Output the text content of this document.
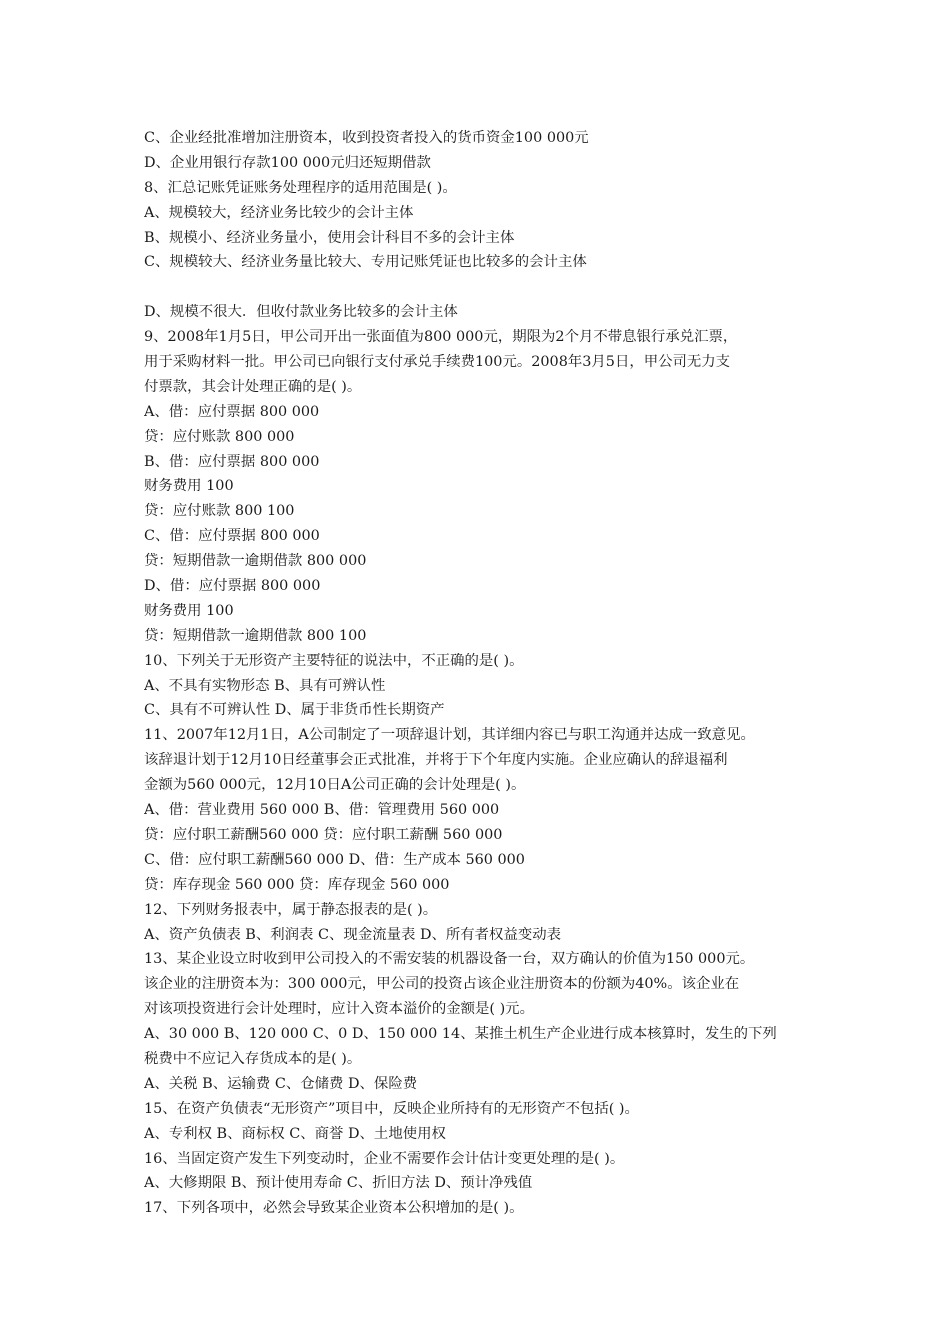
C、企业经批准增加注册资本，收到投资者投入的货币资金100 000元
D、企业用银行存款100 000元归还短期借款
8、汇总记账凭证账务处理程序的适用范围是( )。
A、规模较大，经济业务比较少的会计主体
B、规模小、经济业务量小，使用会计科目不多的会计主体
C、规模较大、经济业务量比较大、专用记账凭证也比较多的会计主体
D、规模不很大．但收付款业务比较多的会计主体
9、2008年1月5日，甲公司开出一张面值为800 000元，期限为2个月不带息银行承兑汇票，
用于采购材料一批。甲公司已向银行支付承兑手续费100元。2008年3月5日，甲公司无力支
付票款，其会计处理正确的是( )。
A、借：应付票据 800 000
贷：应付账款 800 000
B、借：应付票据 800 000
财务费用 100
贷：应付账款 800 100
C、借：应付票据 800 000
贷：短期借款一逾期借款 800 000
D、借：应付票据 800 000
财务费用 100
贷：短期借款一逾期借款 800 100
10、下列关于无形资产主要特征的说法中，不正确的是( )。
A、不具有实物形态 B、具有可辨认性
C、具有不可辨认性 D、属于非货币性长期资产
11、2007年12月1日，A公司制定了一项辞退计划，其详细内容已与职工沟通并达成一致意见。
该辞退计划于12月10日经董事会正式批准，并将于下个年度内实施。企业应确认的辞退福利
金额为560 000元，12月10日A公司正确的会计处理是( )。
A、借：营业费用 560 000 B、借：管理费用 560 000
贷：应付职工薪酬560 000 贷：应付职工薪酬 560 000
C、借：应付职工薪酬560 000 D、借：生产成本 560 000
贷：库存现金 560 000 贷：库存现金 560 000
12、下列财务报表中，属于静态报表的是( )。
A、资产负债表 B、利润表 C、现金流量表 D、所有者权益变动表
13、某企业设立时收到甲公司投入的不需安装的机器设备一台，双方确认的价值为150 000元。
该企业的注册资本为：300 000元，甲公司的投资占该企业注册资本的份额为40%。该企业在
对该项投资进行会计处理时，应计入资本溢价的金额是( )元。
A、30 000 B、120 000 C、0 D、150 000 14、某推土机生产企业进行成本核算时，发生的下列
税费中不应记入存货成本的是( )。
A、关税 B、运输费 C、仓储费 D、保险费
15、在资产负债表“无形资产”项目中，反映企业所持有的无形资产不包括( )。
A、专利权 B、商标权 C、商誉 D、土地使用权
16、当固定资产发生下列变动时，企业不需要作会计估计变更处理的是( )。
A、大修期限 B、预计使用寿命 C、折旧方法 D、预计净残值
17、下列各项中，必然会导致某企业资本公积增加的是( )。
